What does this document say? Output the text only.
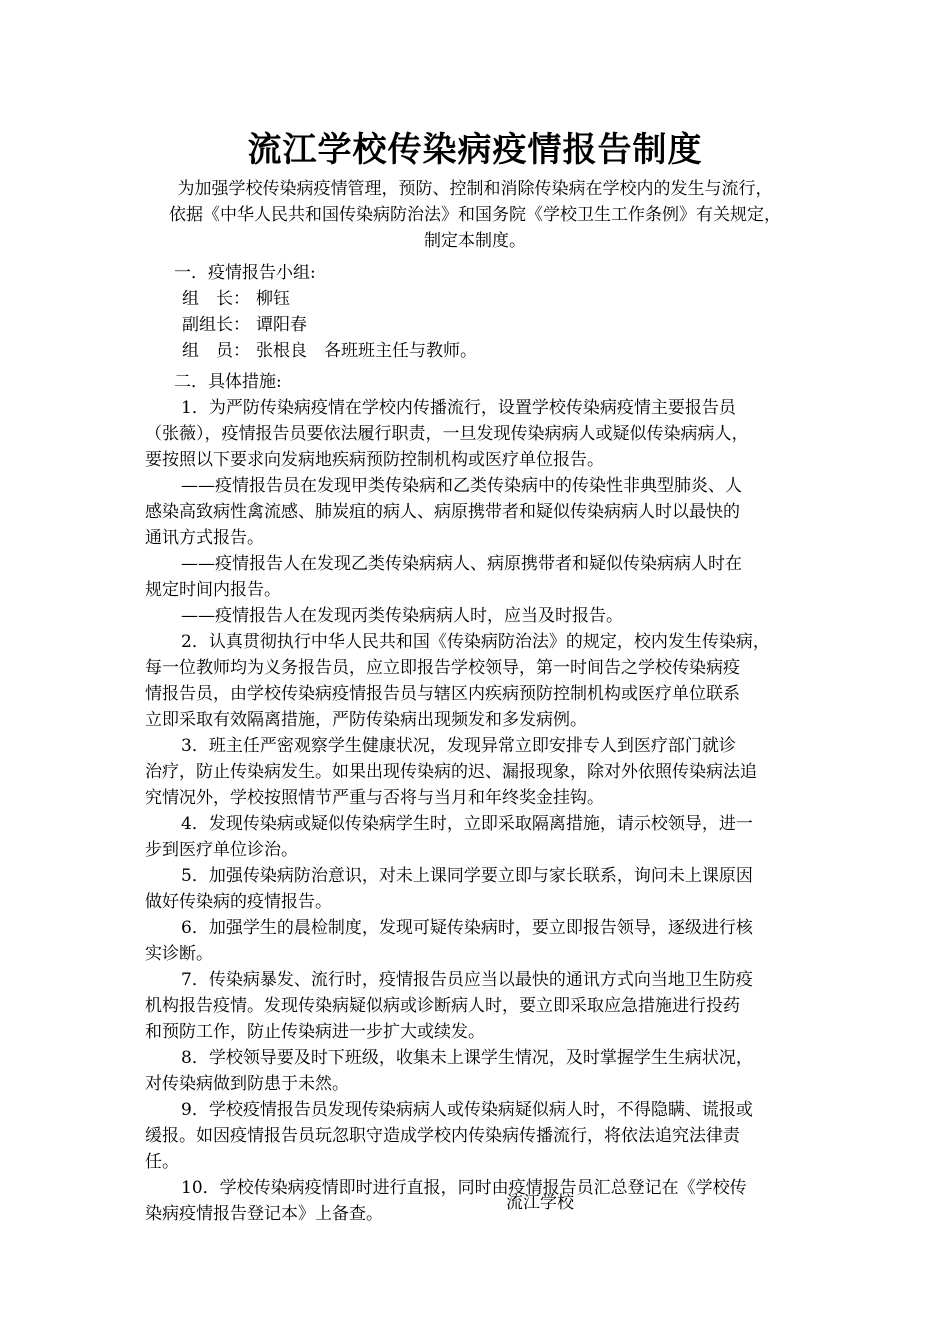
流江学校传染病疫情报告制度

为加强学校传染病疫情管理，预防、控制和消除传染病在学校内的发生与流行，
依据《中华人民共和国传染病防治法》和国务院《学校卫生工作条例》有关规定，
制定本制度。

一．疫情报告小组:
组　长： 柳钰
副组长： 谭阳春
组　员： 张根良　各班班主任与教师。
二．具体措施:

1．为严防传染病疫情在学校内传播流行，设置学校传染病疫情主要报告员
（张薇），疫情报告员要依法履行职责，一旦发现传染病病人或疑似传染病病人，
要按照以下要求向发病地疾病预防控制机构或医疗单位报告。

——疫情报告员在发现甲类传染病和乙类传染病中的传染性非典型肺炎、人
感染高致病性禽流感、肺炭疽的病人、病原携带者和疑似传染病病人时以最快的
通讯方式报告。

——疫情报告人在发现乙类传染病病人、病原携带者和疑似传染病病人时在
规定时间内报告。

——疫情报告人在发现丙类传染病病人时，应当及时报告。

2．认真贯彻执行中华人民共和国《传染病防治法》的规定，校内发生传染病，
每一位教师均为义务报告员，应立即报告学校领导，第一时间告之学校传染病疫
情报告员，由学校传染病疫情报告员与辖区内疾病预防控制机构或医疗单位联系
立即采取有效隔离措施，严防传染病出现频发和多发病例。

3．班主任严密观察学生健康状况，发现异常立即安排专人到医疗部门就诊
治疗，防止传染病发生。如果出现传染病的迟、漏报现象，除对外依照传染病法追
究情况外，学校按照情节严重与否将与当月和年终奖金挂钩。

4．发现传染病或疑似传染病学生时，立即采取隔离措施，请示校领导，进一
步到医疗单位诊治。

5．加强传染病防治意识，对未上课同学要立即与家长联系，询问未上课原因
做好传染病的疫情报告。

6．加强学生的晨检制度，发现可疑传染病时，要立即报告领导，逐级进行核
实诊断。

7．传染病暴发、流行时，疫情报告员应当以最快的通讯方式向当地卫生防疫
机构报告疫情。发现传染病疑似病或诊断病人时，要立即采取应急措施进行投药
和预防工作，防止传染病进一步扩大或续发。

8．学校领导要及时下班级，收集未上课学生情况，及时掌握学生生病状况，
对传染病做到防患于未然。

9．学校疫情报告员发现传染病病人或传染病疑似病人时，不得隐瞒、谎报或
缓报。如因疫情报告员玩忽职守造成学校内传染病传播流行，将依法追究法律责
任。

10．学校传染病疫情即时进行直报，同时由疫情报告员汇总登记在《学校传
染病疫情报告登记本》上备查。

流江学校
